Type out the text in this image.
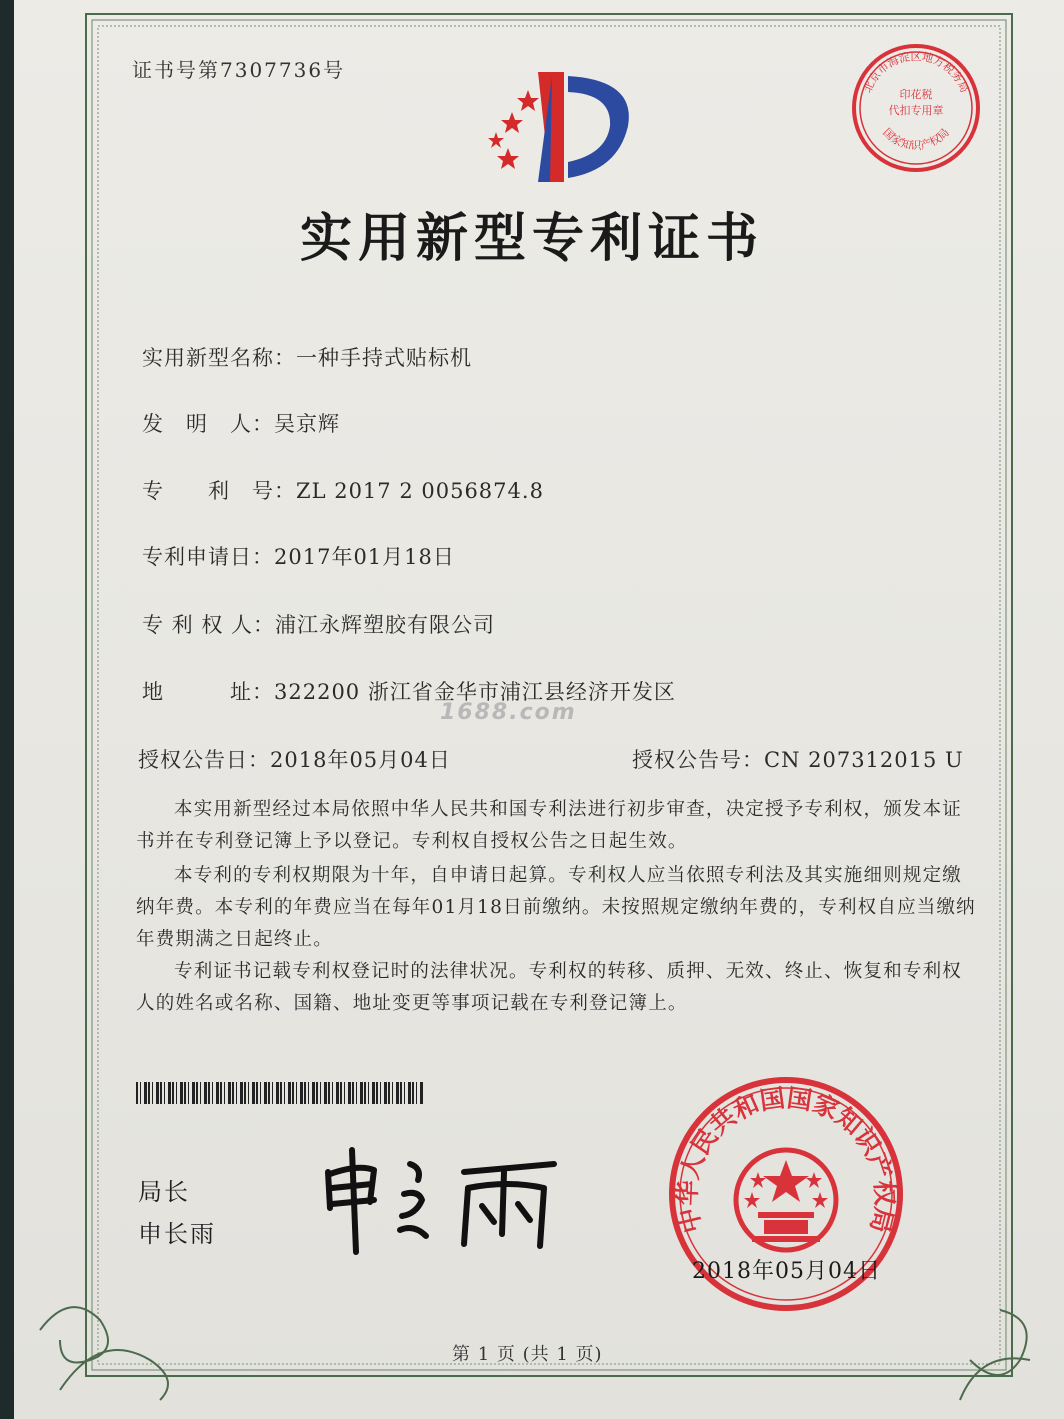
证书号第7307736号
北京市海淀区地方税务局
印花税
代扣专用章
国家知识产权局
实用新型专利证书
实用新型名称：一种手持式贴标机
发　明　人：吴京辉
专　　利　号：ZL 2017 2 0056874.8
专利申请日：2017年01月18日
专 利 权 人：浦江永辉塑胶有限公司
地　　　址：322200 浙江省金华市浦江县经济开发区
1688.com
授权公告日：2018年05月04日	授权公告号：CN 207312015 U
本实用新型经过本局依照中华人民共和国专利法进行初步审查，决定授予专利权，颁发本证书并在专利登记簿上予以登记。专利权自授权公告之日起生效。
本专利的专利权期限为十年，自申请日起算。专利权人应当依照专利法及其实施细则规定缴纳年费。本专利的年费应当在每年01月18日前缴纳。未按照规定缴纳年费的，专利权自应当缴纳年费期满之日起终止。
专利证书记载专利权登记时的法律状况。专利权的转移、质押、无效、终止、恢复和专利权人的姓名或名称、国籍、地址变更等事项记载在专利登记簿上。
局长
申长雨	中华人民共和国国家知识产权局
2018年05月04日
第 1 页 (共 1 页)
